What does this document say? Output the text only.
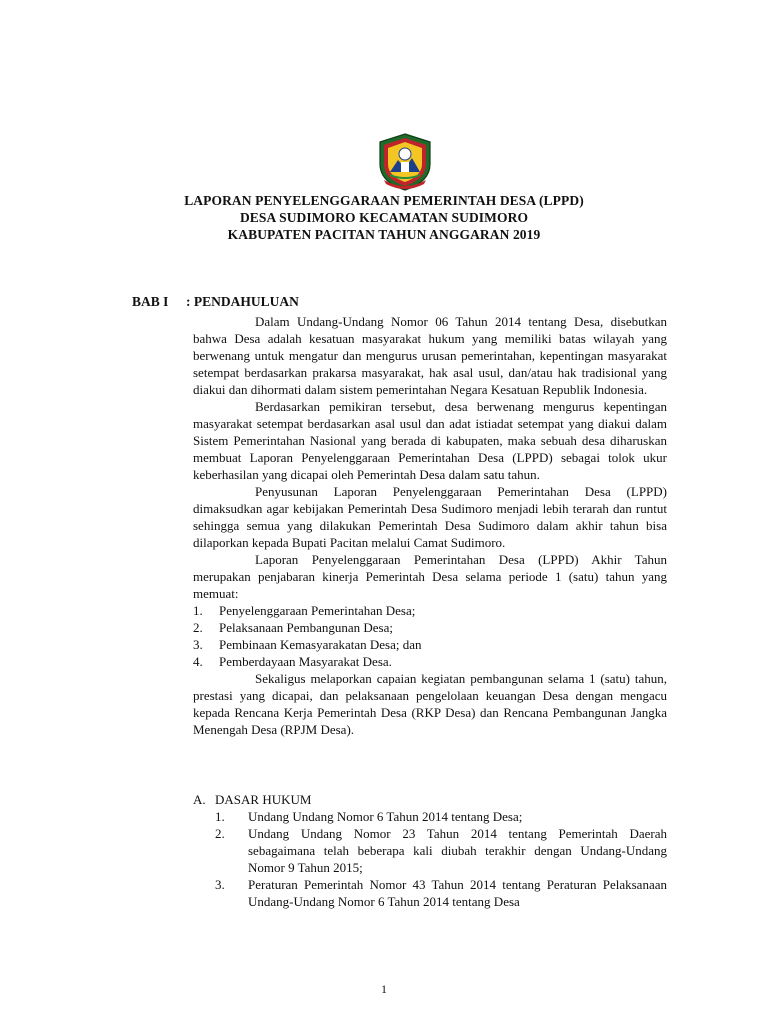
LAPORAN PENYELENGGARAAN PEMERINTAH DESA (LPPD)
DESA SUDIMORO KECAMATAN SUDIMORO
KABUPATEN PACITAN TAHUN ANGGARAN 2019
BAB I : PENDAHULUAN

Dalam Undang-Undang Nomor 06 Tahun 2014 tentang Desa, disebutkan bahwa Desa adalah kesatuan masyarakat hukum yang memiliki batas wilayah yang berwenang untuk mengatur dan mengurus urusan pemerintahan, kepentingan masyarakat setempat berdasarkan prakarsa masyarakat, hak asal usul, dan/atau hak tradisional yang diakui dan dihormati dalam sistem pemerintahan Negara Kesatuan Republik Indonesia.

Berdasarkan pemikiran tersebut, desa berwenang mengurus kepentingan masyarakat setempat berdasarkan asal usul dan adat istiadat setempat yang diakui dalam Sistem Pemerintahan Nasional yang berada di kabupaten, maka sebuah desa diharuskan membuat Laporan Penyelenggaraan Pemerintahan Desa (LPPD) sebagai tolok ukur keberhasilan yang dicapai oleh Pemerintah Desa dalam satu tahun.

Penyusunan Laporan Penyelenggaraan Pemerintahan Desa (LPPD) dimaksudkan agar kebijakan Pemerintah Desa Sudimoro menjadi lebih terarah dan runtut sehingga semua yang dilakukan Pemerintah Desa Sudimoro dalam akhir tahun bisa dilaporkan kepada Bupati Pacitan melalui Camat Sudimoro.

Laporan Penyelenggaraan Pemerintahan Desa (LPPD) Akhir Tahun merupakan penjabaran kinerja Pemerintah Desa selama periode 1 (satu) tahun yang memuat:

1.	Penyelenggaraan Pemerintahan Desa;
2.	Pelaksanaan Pembangunan Desa;
3.	Pembinaan Kemasyarakatan Desa; dan
4.	Pemberdayaan Masyarakat Desa.

Sekaligus melaporkan capaian kegiatan pembangunan selama 1 (satu) tahun, prestasi yang dicapai, dan pelaksanaan pengelolaan keuangan Desa dengan mengacu kepada Rencana Kerja Pemerintah Desa (RKP Desa) dan Rencana Pembangunan Jangka Menengah Desa (RPJM Desa).

A. DASAR HUKUM
1.	Undang Undang Nomor 6 Tahun 2014 tentang Desa;
2.	Undang Undang Nomor 23 Tahun 2014 tentang Pemerintah Daerah sebagaimana telah beberapa kali diubah terakhir dengan Undang-Undang Nomor 9 Tahun 2015;
3.	Peraturan Pemerintah Nomor 43 Tahun 2014 tentang Peraturan Pelaksanaan Undang-Undang Nomor 6 Tahun 2014 tentang Desa
1
